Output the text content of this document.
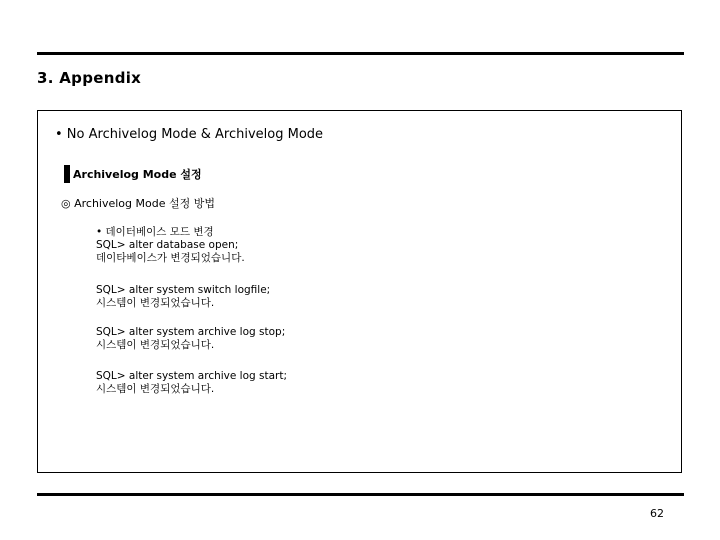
3. Appendix
• No Archivelog Mode & Archivelog Mode
Archivelog Mode 설정
◎ Archivelog Mode 설정 방법
• 데이터베이스 모드 변경
SQL> alter database open;
데이타베이스가 변경되었습니다.
SQL> alter system switch logfile;
시스템이 변경되었습니다.
SQL> alter system archive log stop;
시스템이 변경되었습니다.
SQL> alter system archive log start;
시스템이 변경되었습니다.
62
